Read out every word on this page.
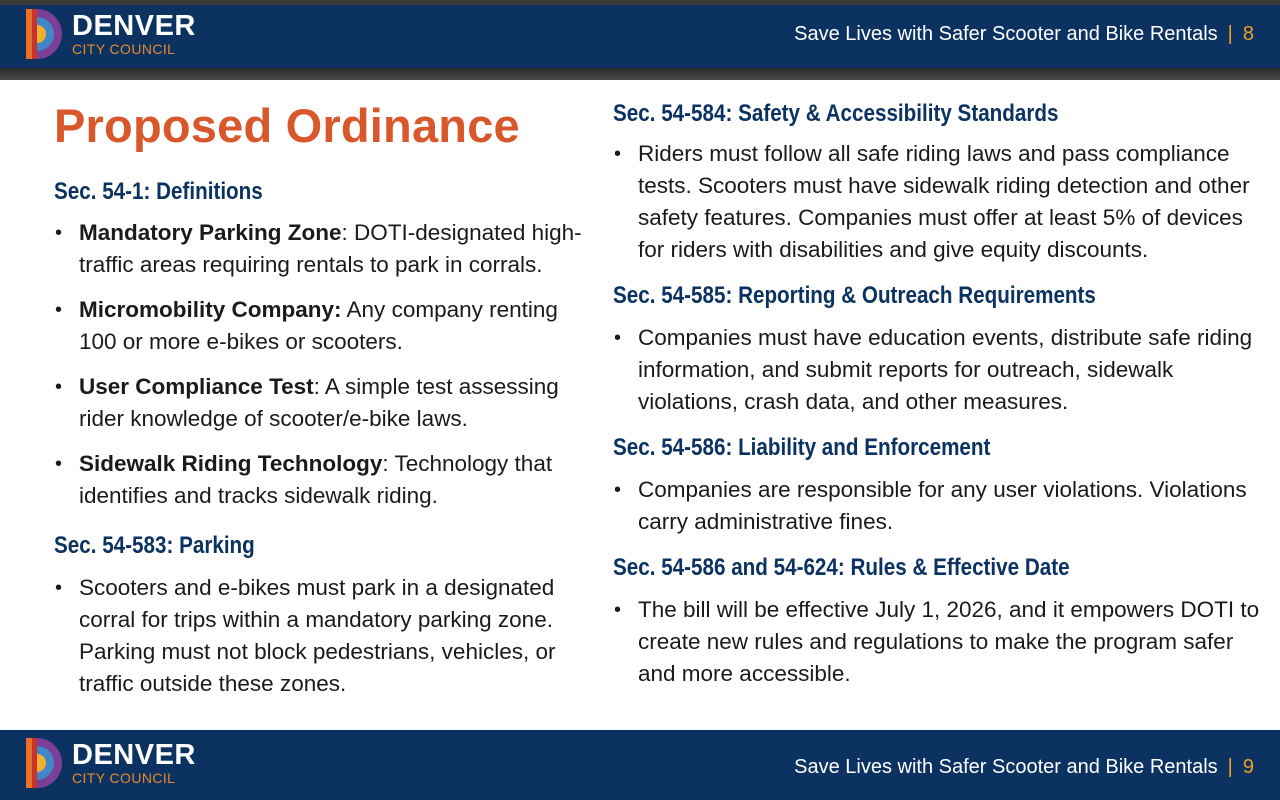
DENVER
CITY COUNCIL
Save Lives with Safer Scooter and Bike Rentals | 8
Proposed Ordinance
Sec. 54-1: Definitions
• Mandatory Parking Zone: DOTI-designated high-traffic areas requiring rentals to park in corrals.
• Micromobility Company: Any company renting 100 or more e-bikes or scooters.
• User Compliance Test: A simple test assessing rider knowledge of scooter/e-bike laws.
• Sidewalk Riding Technology: Technology that identifies and tracks sidewalk riding.
Sec. 54-583: Parking
• Scooters and e-bikes must park in a designated corral for trips within a mandatory parking zone. Parking must not block pedestrians, vehicles, or traffic outside these zones.
Sec. 54-584: Safety & Accessibility Standards
• Riders must follow all safe riding laws and pass compliance tests. Scooters must have sidewalk riding detection and other safety features. Companies must offer at least 5% of devices for riders with disabilities and give equity discounts.
Sec. 54-585: Reporting & Outreach Requirements
• Companies must have education events, distribute safe riding information, and submit reports for outreach, sidewalk violations, crash data, and other measures.
Sec. 54-586: Liability and Enforcement
• Companies are responsible for any user violations. Violations carry administrative fines.
Sec. 54-586 and 54-624: Rules & Effective Date
• The bill will be effective July 1, 2026, and it empowers DOTI to create new rules and regulations to make the program safer and more accessible.
DENVER
CITY COUNCIL	Save Lives with Safer Scooter and Bike Rentals | 9
